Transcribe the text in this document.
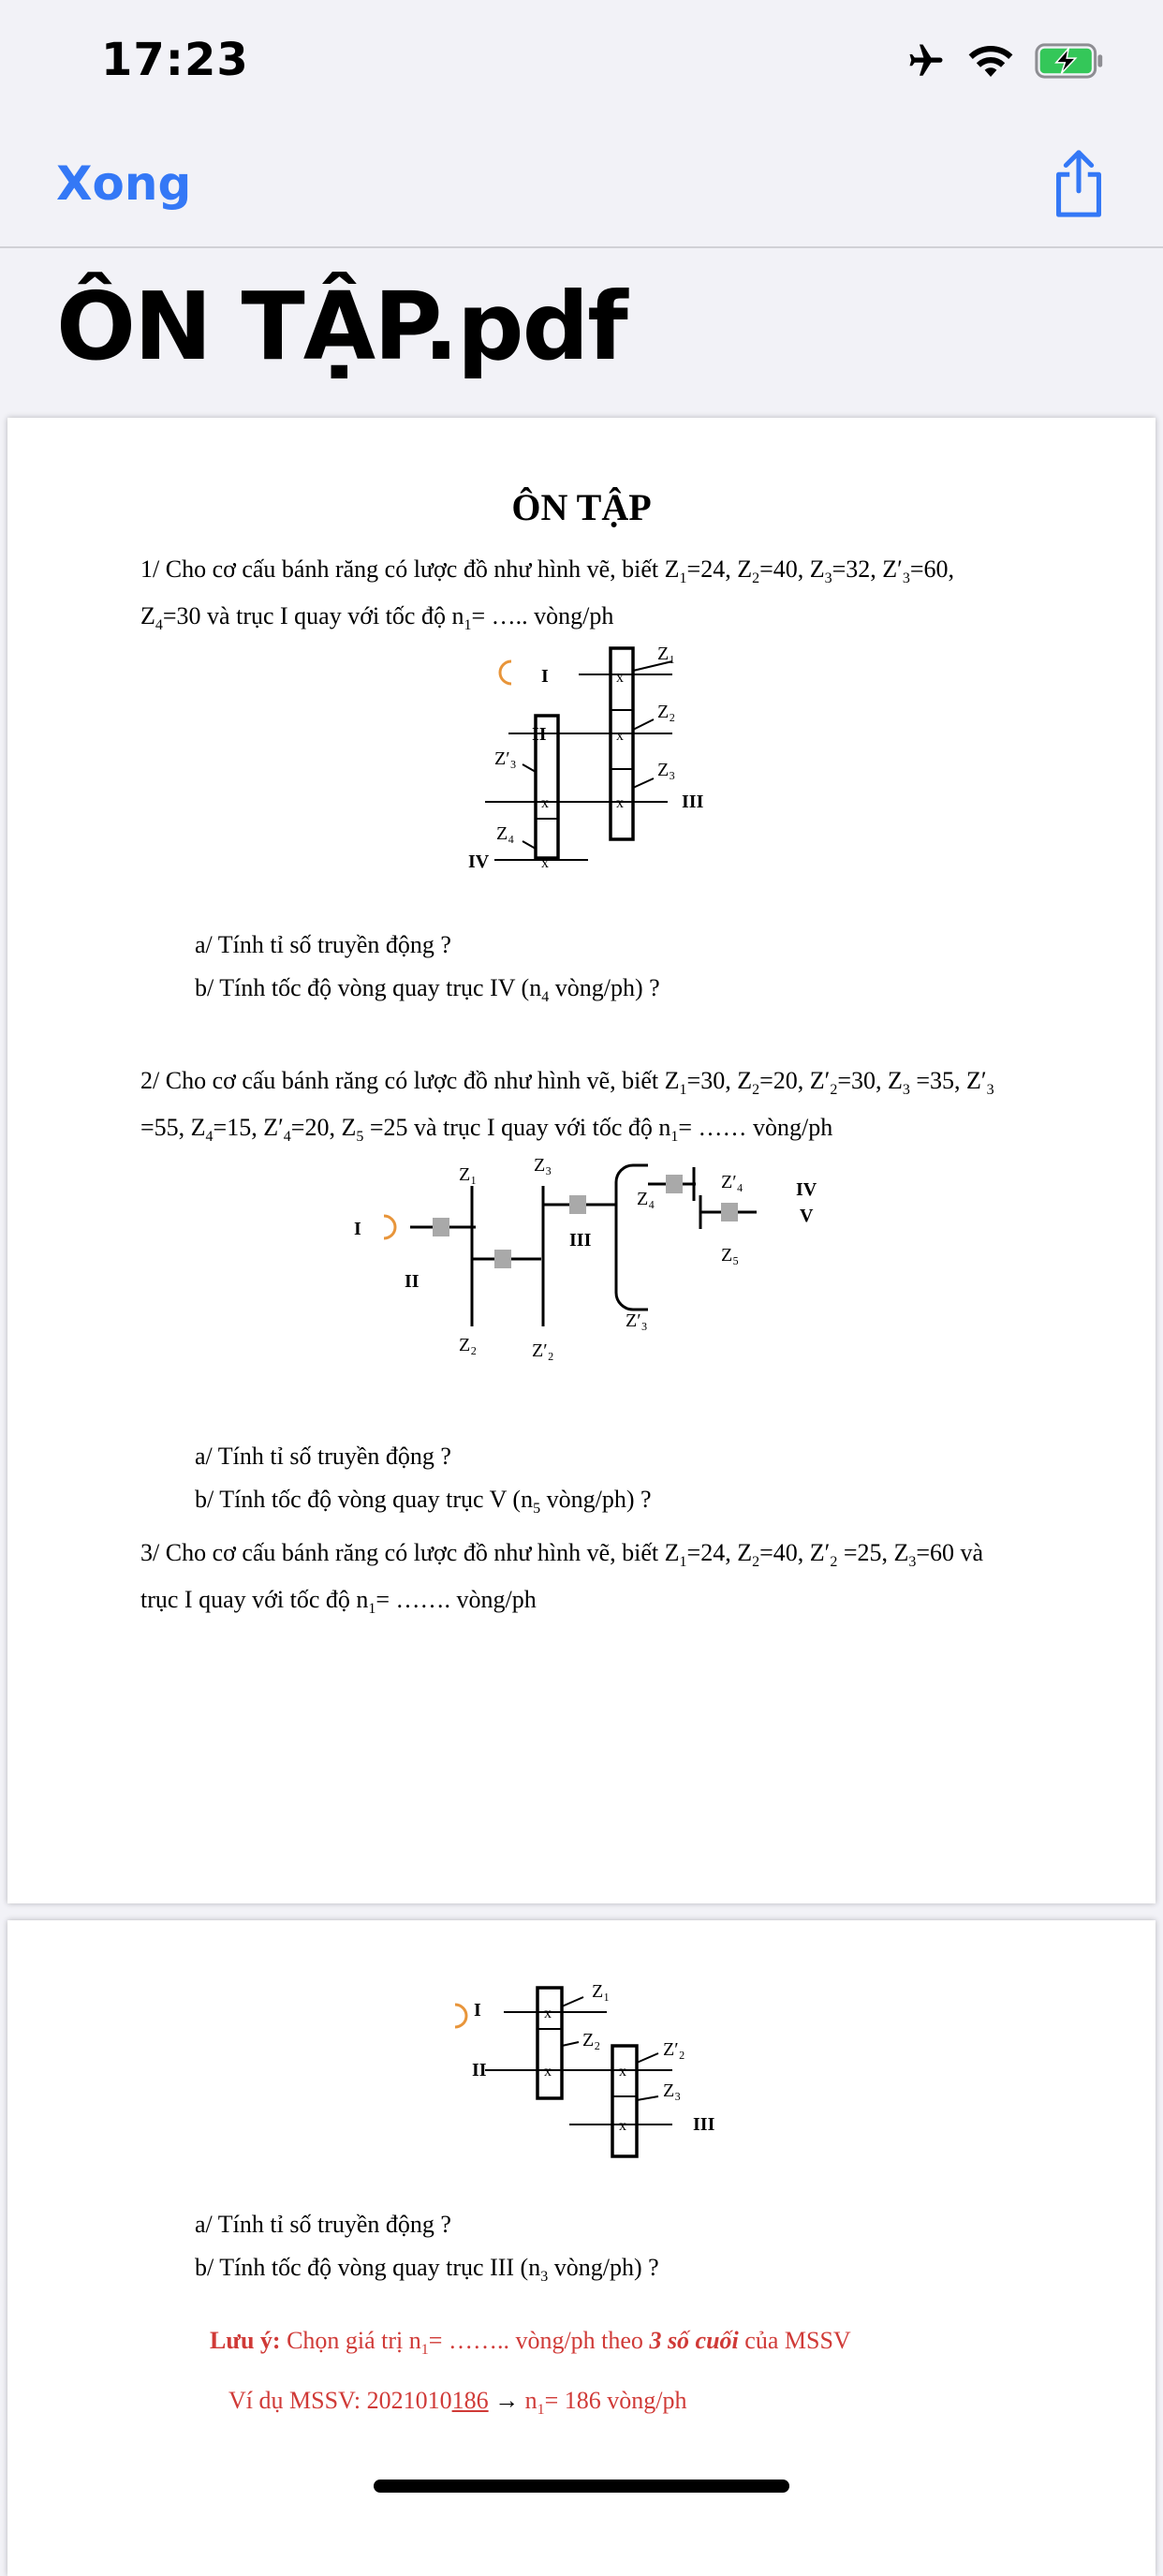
17:23
Xong
ÔN TẬP.pdf
ÔN TẬP
1/ Cho cơ cấu bánh răng có lược đồ như hình vẽ, biết $Z_1=24$, $Z_2=40$, $Z_3=32$, $Z'_3=60$,
$Z_4=30$ và trục I quay với tốc độ $n_1=$ ….. vòng/ph
I
II
III
IV
Z₁
Z₂
Z₃
Z′₃
Z₄
x
x
x
x
x
a/ Tính tỉ số truyền động ?
b/ Tính tốc độ vòng quay trục IV ($n_4$ vòng/ph) ?
2/ Cho cơ cấu bánh răng có lược đồ như hình vẽ, biết $Z_1=30$, $Z_2=20$, $Z'_2=30$, $Z_3 =35$, $Z'_3$
=55, $Z_4=15$, $Z'_4=20$, $Z_5 =25$ và trục I quay với tốc độ $n_1=$ …… vòng/ph
I
II
III
IV
V
Z₁	Z₃
Z₄
Z′₄
Z₅
Z₂	Z′₂
Z′₃
a/ Tính tỉ số truyền động ?
b/ Tính tốc độ vòng quay trục V ($n_5$ vòng/ph) ?
3/ Cho cơ cấu bánh răng có lược đồ như hình vẽ, biết $Z_1=24$, $Z_2=40$, $Z'_2 =25$, $Z_3=60$ và
trục I quay với tốc độ $n_1=$ ……. vòng/ph
I
II
III
Z₁
Z₂	Z′₂
Z₃
x
x	x
x
a/ Tính tỉ số truyền động ?
b/ Tính tốc độ vòng quay trục III ($n_3$ vòng/ph) ?
Lưu ý: Chọn giá trị $n_1=$ …….. vòng/ph theo 3 số cuối của MSSV
Ví dụ MSSV: $2021010186 \to n_1= 186$ vòng/ph
